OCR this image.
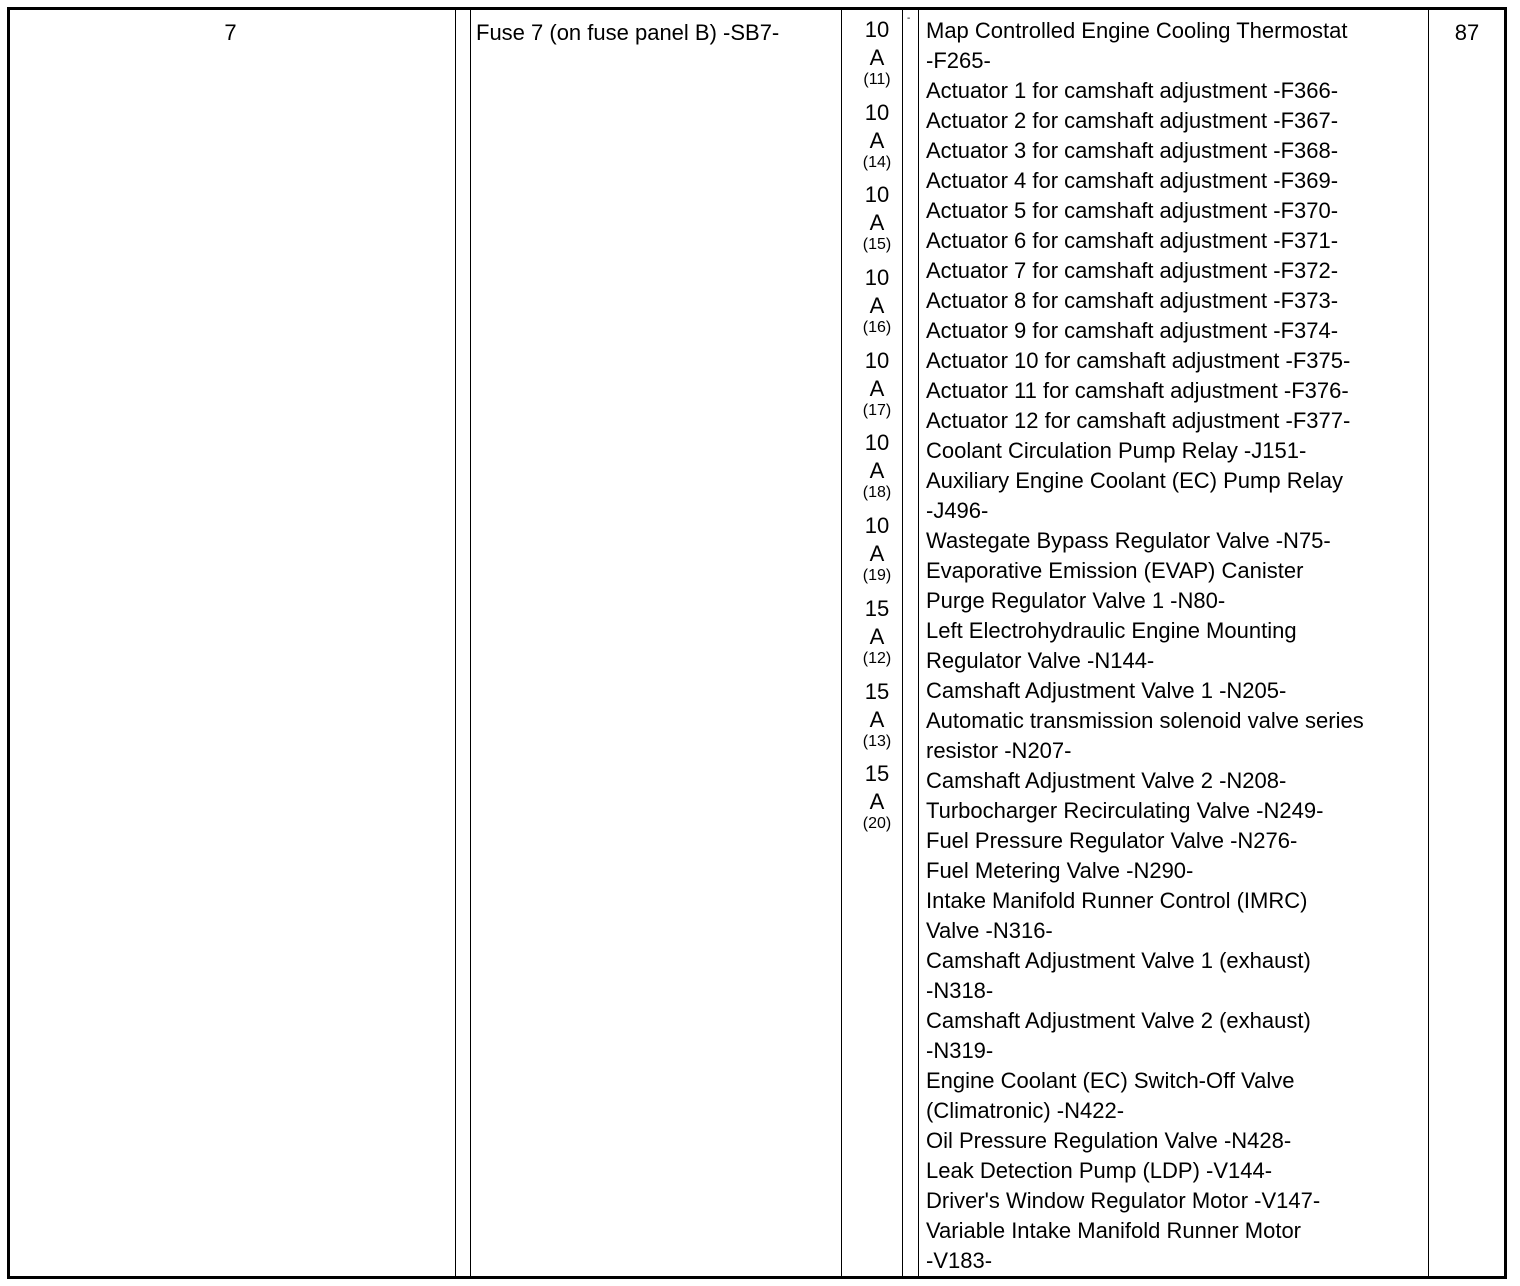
7	Fuse 7 (on fuse panel B) -SB7-	10
A
(11)
10
A
(14)
10
A
(15)
10
A
(16)
10
A
(17)
10
A
(18)
10
A
(19)
15
A
(12)
15
A
(13)
15
A
(20)
- Map Controlled Engine Cooling Thermostat
-F265-
Actuator 1 for camshaft adjustment -F366-
Actuator 2 for camshaft adjustment -F367-
Actuator 3 for camshaft adjustment -F368-
Actuator 4 for camshaft adjustment -F369-
Actuator 5 for camshaft adjustment -F370-
Actuator 6 for camshaft adjustment -F371-
Actuator 7 for camshaft adjustment -F372-
Actuator 8 for camshaft adjustment -F373-
Actuator 9 for camshaft adjustment -F374-
Actuator 10 for camshaft adjustment -F375-
Actuator 11 for camshaft adjustment -F376-
Actuator 12 for camshaft adjustment -F377-
Coolant Circulation Pump Relay -J151-
Auxiliary Engine Coolant (EC) Pump Relay
-J496-
Wastegate Bypass Regulator Valve -N75-
Evaporative Emission (EVAP) Canister
Purge Regulator Valve 1 -N80-
Left Electrohydraulic Engine Mounting
Regulator Valve -N144-
Camshaft Adjustment Valve 1 -N205-
Automatic transmission solenoid valve series
resistor -N207-
Camshaft Adjustment Valve 2 -N208-
Turbocharger Recirculating Valve -N249-
Fuel Pressure Regulator Valve -N276-
Fuel Metering Valve -N290-
Intake Manifold Runner Control (IMRC)
Valve -N316-
Camshaft Adjustment Valve 1 (exhaust)
-N318-
Camshaft Adjustment Valve 2 (exhaust)
-N319-
Engine Coolant (EC) Switch-Off Valve
(Climatronic) -N422-
Oil Pressure Regulation Valve -N428-
Leak Detection Pump (LDP) -V144-
Driver's Window Regulator Motor -V147-
Variable Intake Manifold Runner Motor
-V183-
87
